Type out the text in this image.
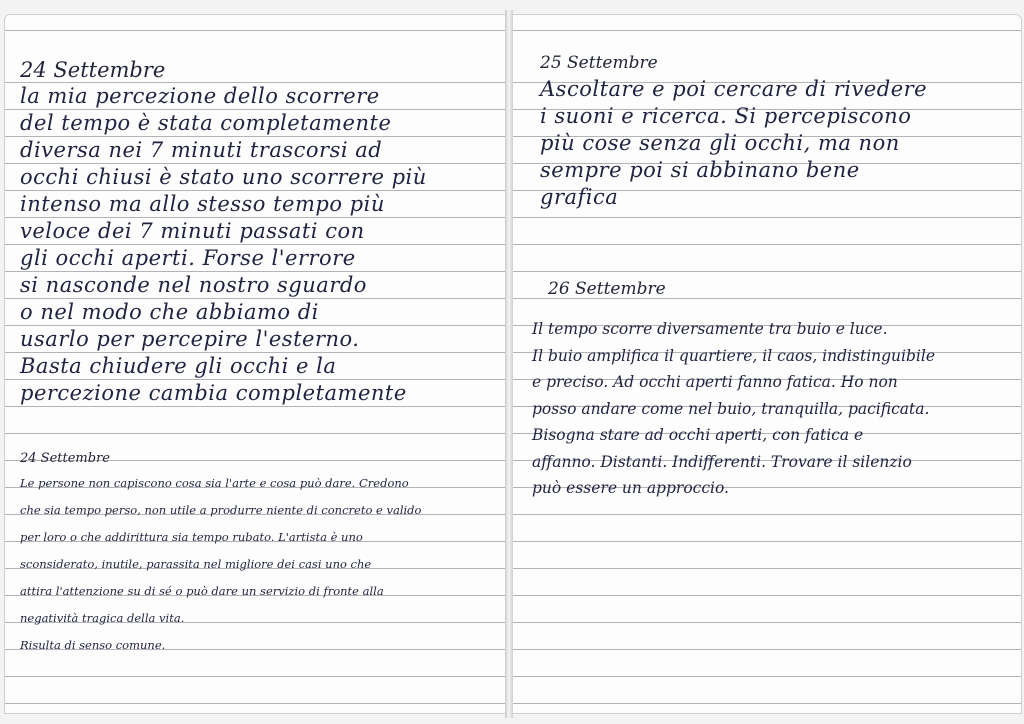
24 Settembre
la mia percezione dello scorrere
del tempo è stata completamente
diversa nei 7 minuti trascorsi ad
occhi chiusi è stato uno scorrere più
intenso ma allo stesso tempo più
veloce dei 7 minuti passati con
gli occhi aperti. Forse l'errore
si nasconde nel nostro sguardo
o nel modo che abbiamo di
usarlo per percepire l'esterno.
Basta chiudere gli occhi e la
percezione cambia completamente
24 Settembre
Le persone non capiscono cosa sia l'arte e cosa può dare. Credono
che sia tempo perso, non utile a produrre niente di concreto e valido
per loro o che addirittura sia tempo rubato. L'artista è uno
sconsiderato, inutile, parassita nel migliore dei casi uno che
attira l'attenzione su di sé o può dare un servizio di fronte alla
negatività tragica della vita.
Risulta di senso comune.
25 Settembre
Ascoltare e poi cercare di rivedere
i suoni e ricerca. Si percepiscono
più cose senza gli occhi, ma non
sempre poi si abbinano bene
grafica
26 Settembre
Il tempo scorre diversamente tra buio e luce.
Il buio amplifica il quartiere, il caos, indistinguibile
e preciso. Ad occhi aperti fanno fatica. Ho non
posso andare come nel buio, tranquilla, pacificata.
Bisogna stare ad occhi aperti, con fatica e
affanno. Distanti. Indifferenti. Trovare il silenzio
può essere un approccio.
